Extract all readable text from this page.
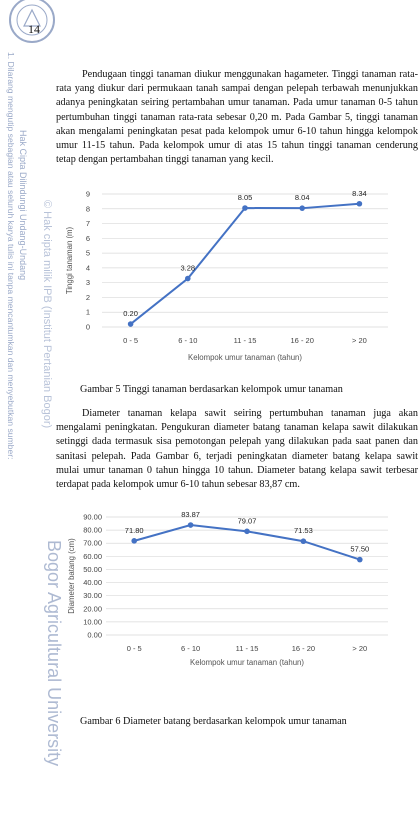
14
1. Dilarang mengutip sebagian atau seluruh karya tulis ini tanpa mencantumkan dan menyebutkan sumber: Hak Cipta Dilindungi Undang-Undang © Hak cipta milik IPB (Institut Pertanian Bogor)
Bogor Agricultural University

Pendugaan tinggi tanaman diukur menggunakan hagameter. Tinggi tanaman rata-rata yang diukur dari permukaan tanah sampai dengan pelepah terbawah menunjukkan adanya peningkatan seiring pertambahan umur tanaman. Pada umur tanaman 0-5 tahun pertumbuhan tinggi tanaman rata-rata sebesar 0,20 m. Pada Gambar 5, tinggi tanaman akan mengalami peningkatan pesat pada kelompok umur 6-10 tahun hingga kelompok umur 11-15 tahun. Pada kelompok umur di atas 15 tahun tinggi tanaman cenderung tetap dengan pertambahan tinggi tanaman yang kecil.

0
1
2
3
4
5
6
7
8
9
0 - 5	6 - 10	11 - 15	16 - 20	> 20
0.20
3.28
8.05	8.04	8.34
Kelompok umur tanaman (tahun)
Tinggi tanaman (m)
Gambar 5 Tinggi tanaman berdasarkan kelompok umur tanaman

Diameter tanaman kelapa sawit seiring pertumbuhan tanaman juga akan mengalami peningkatan. Pengukuran diameter batang tanaman kelapa sawit dilakukan setinggi dada termasuk sisa pemotongan pelepah yang dilakukan pada saat panen dan sanitasi pelepah. Pada Gambar 6, terjadi peningkatan diameter batang kelapa sawit mulai umur tanaman 0 tahun hingga 10 tahun. Diameter batang kelapa sawit terbesar terdapat pada kelompok umur 6-10 tahun sebesar 83,87 cm.

0.00
10.00
20.00
30.00
40.00
50.00
60.00
70.00
80.00
90.00
0 - 5	6 - 10	11 - 15	16 - 20	> 20
71.80
83.87
79.07
71.53
57.50
Kelompok umur tanaman (tahun)
Diameter batang (cm)
Gambar 6 Diameter batang berdasarkan kelompok umur tanaman
